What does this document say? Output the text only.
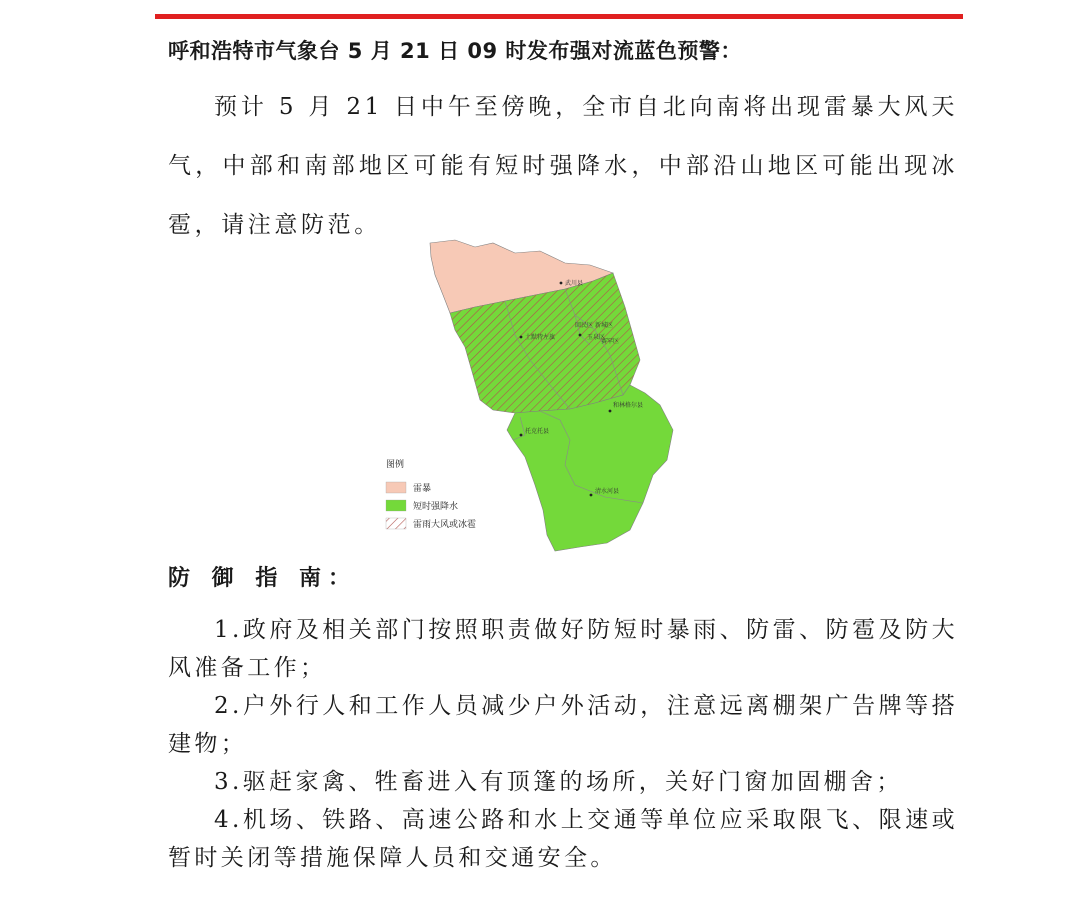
呼和浩特市气象台 5 月 21 日 09 时发布强对流蓝色预警：
预计 5 月 21 日中午至傍晚，全市自北向南将出现雷暴大风天气，中部和南部地区可能有短时强降水，中部沿山地区可能出现冰雹，请注意防范。
武川县
回民区 新城区
玉泉区
赛罕区
土默特左旗
和林格尔县
托克托县
清水河县
图例
雷暴
短时强降水
雷雨大风或冰雹
防 御 指 南：

1.政府及相关部门按照职责做好防短时暴雨、防雷、防雹及防大风准备工作；

2.户外行人和工作人员减少户外活动，注意远离棚架广告牌等搭建物；

3.驱赶家禽、牲畜进入有顶篷的场所，关好门窗加固棚舍；

4.机场、铁路、高速公路和水上交通等单位应采取限飞、限速或暂时关闭等措施保障人员和交通安全。
